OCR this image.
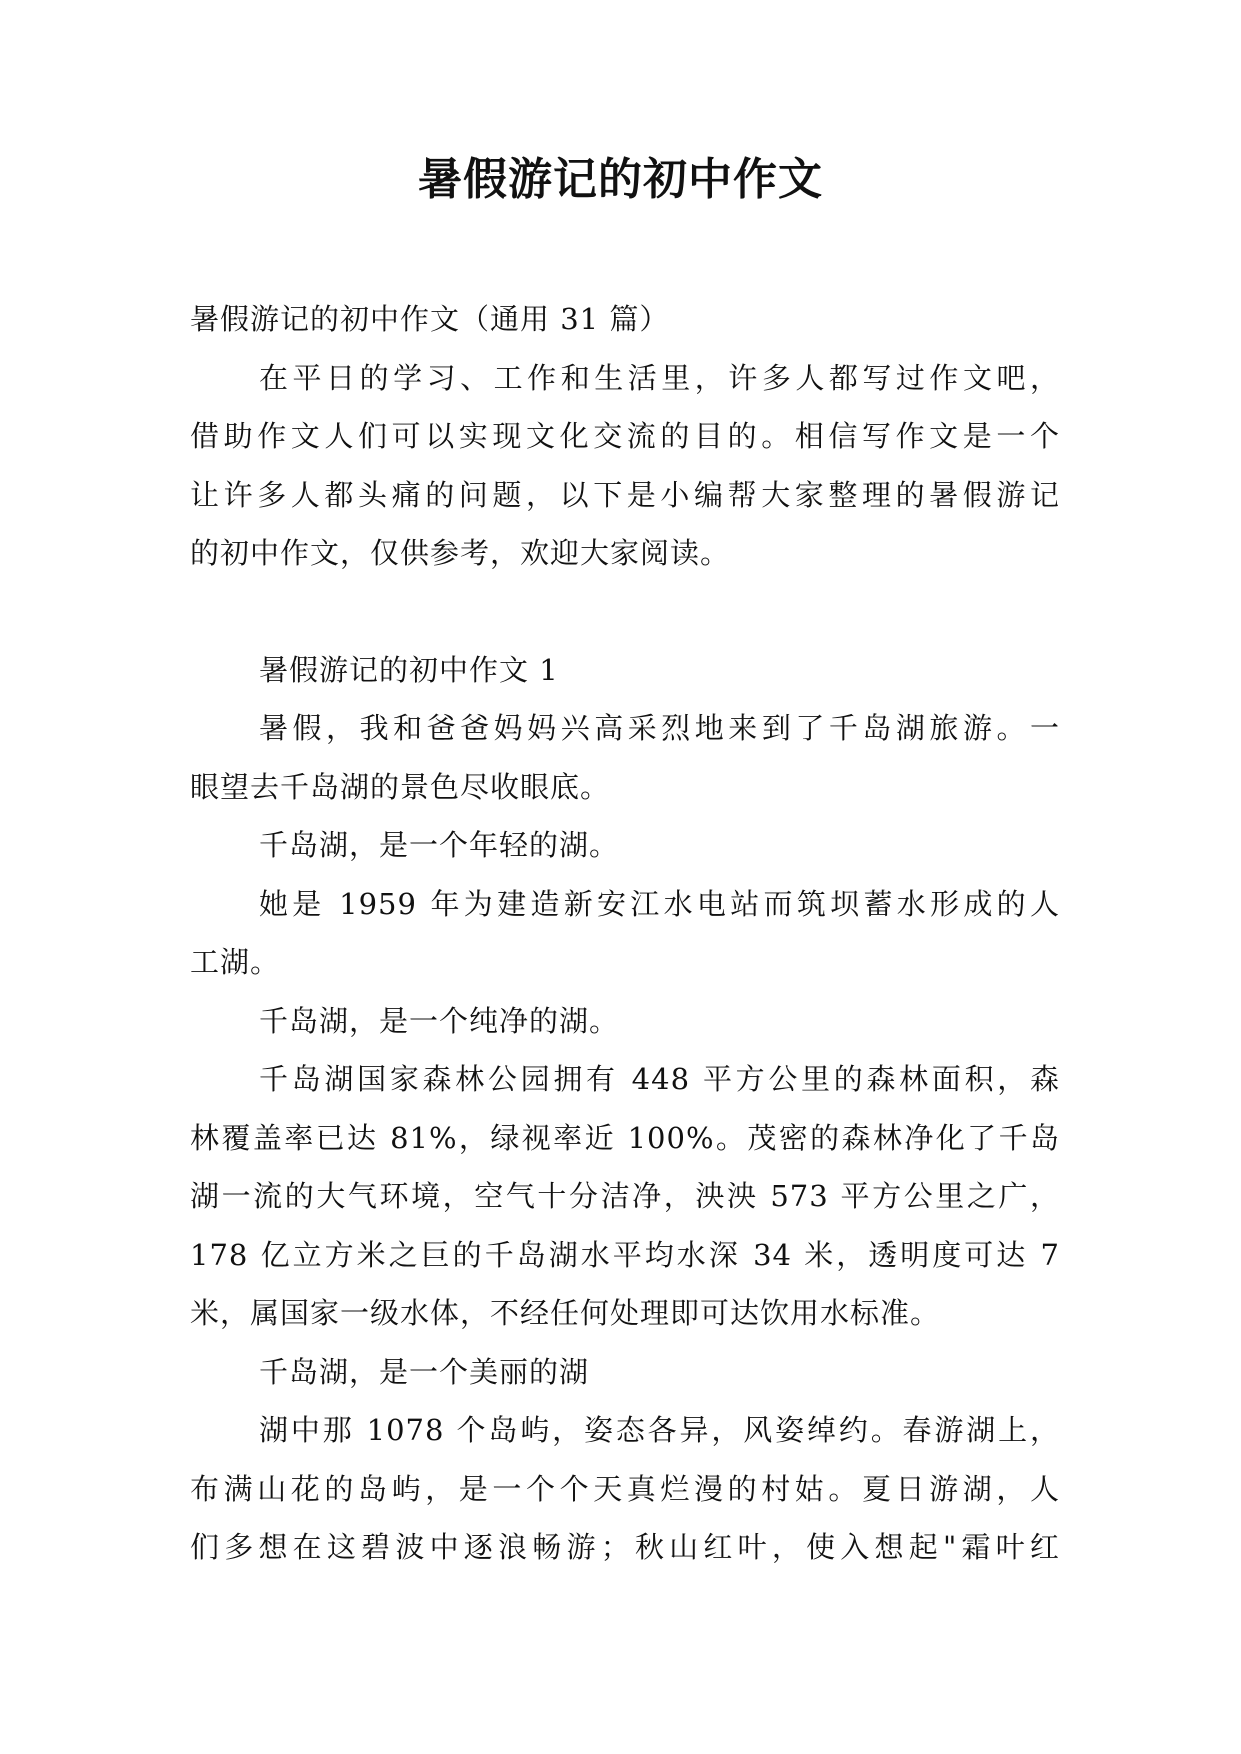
暑假游记的初中作文

暑假游记的初中作文（通用 31 篇）

在平日的学习、工作和生活里，许多人都写过作文吧，

借助作文人们可以实现文化交流的目的。相信写作文是一个

让许多人都头痛的问题，以下是小编帮大家整理的暑假游记

的初中作文，仅供参考，欢迎大家阅读。

暑假游记的初中作文 1

暑假，我和爸爸妈妈兴高采烈地来到了千岛湖旅游。一

眼望去千岛湖的景色尽收眼底。

千岛湖，是一个年轻的湖。

她是 1959 年为建造新安江水电站而筑坝蓄水形成的人

工湖。

千岛湖，是一个纯净的湖。

千岛湖国家森林公园拥有 448 平方公里的森林面积，森

林覆盖率已达 81%，绿视率近 100%。茂密的森林净化了千岛

湖一流的大气环境，空气十分洁净，泱泱 573 平方公里之广，

178 亿立方米之巨的千岛湖水平均水深 34 米，透明度可达 7

米，属国家一级水体，不经任何处理即可达饮用水标准。

千岛湖，是一个美丽的湖

湖中那 1078 个岛屿，姿态各异，风姿绰约。春游湖上，

布满山花的岛屿，是一个个天真烂漫的村姑。夏日游湖，人

们多想在这碧波中逐浪畅游；秋山红叶，使入想起"霜叶红
